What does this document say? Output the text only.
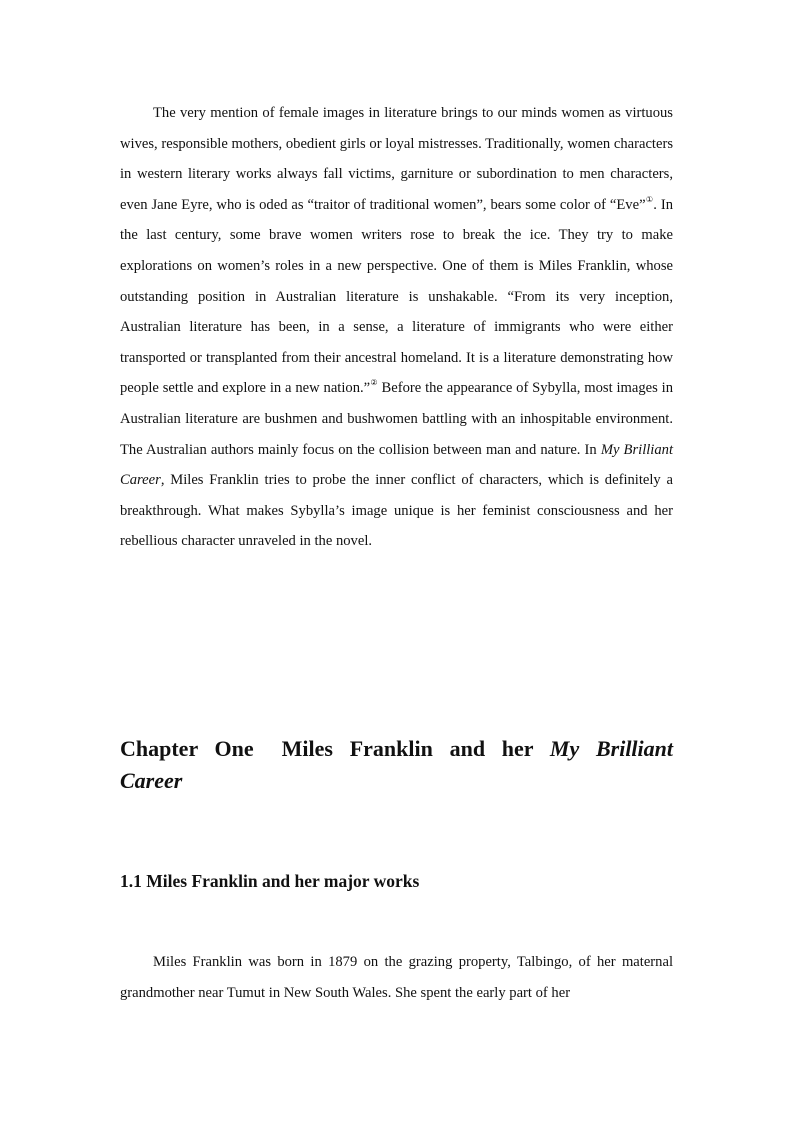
The very mention of female images in literature brings to our minds women as virtuous wives, responsible mothers, obedient girls or loyal mistresses. Traditionally, women characters in western literary works always fall victims, garniture or subordination to men characters, even Jane Eyre, who is oded as “traitor of traditional women”, bears some color of “Eve”①. In the last century, some brave women writers rose to break the ice. They try to make explorations on women’s roles in a new perspective. One of them is Miles Franklin, whose outstanding position in Australian literature is unshakable. “From its very inception, Australian literature has been, in a sense, a literature of immigrants who were either transported or transplanted from their ancestral homeland. It is a literature demonstrating how people settle and explore in a new nation.”② Before the appearance of Sybylla, most images in Australian literature are bushmen and bushwomen battling with an inhospitable environment. The Australian authors mainly focus on the collision between man and nature. In My Brilliant Career, Miles Franklin tries to probe the inner conflict of characters, which is definitely a breakthrough. What makes Sybylla’s image unique is her feminist consciousness and her rebellious character unraveled in the novel.

Chapter One Miles Franklin and her My Brilliant Career
1.1 Miles Franklin and her major works

Miles Franklin was born in 1879 on the grazing property, Talbingo, of her maternal grandmother near Tumut in New South Wales. She spent the early part of her
